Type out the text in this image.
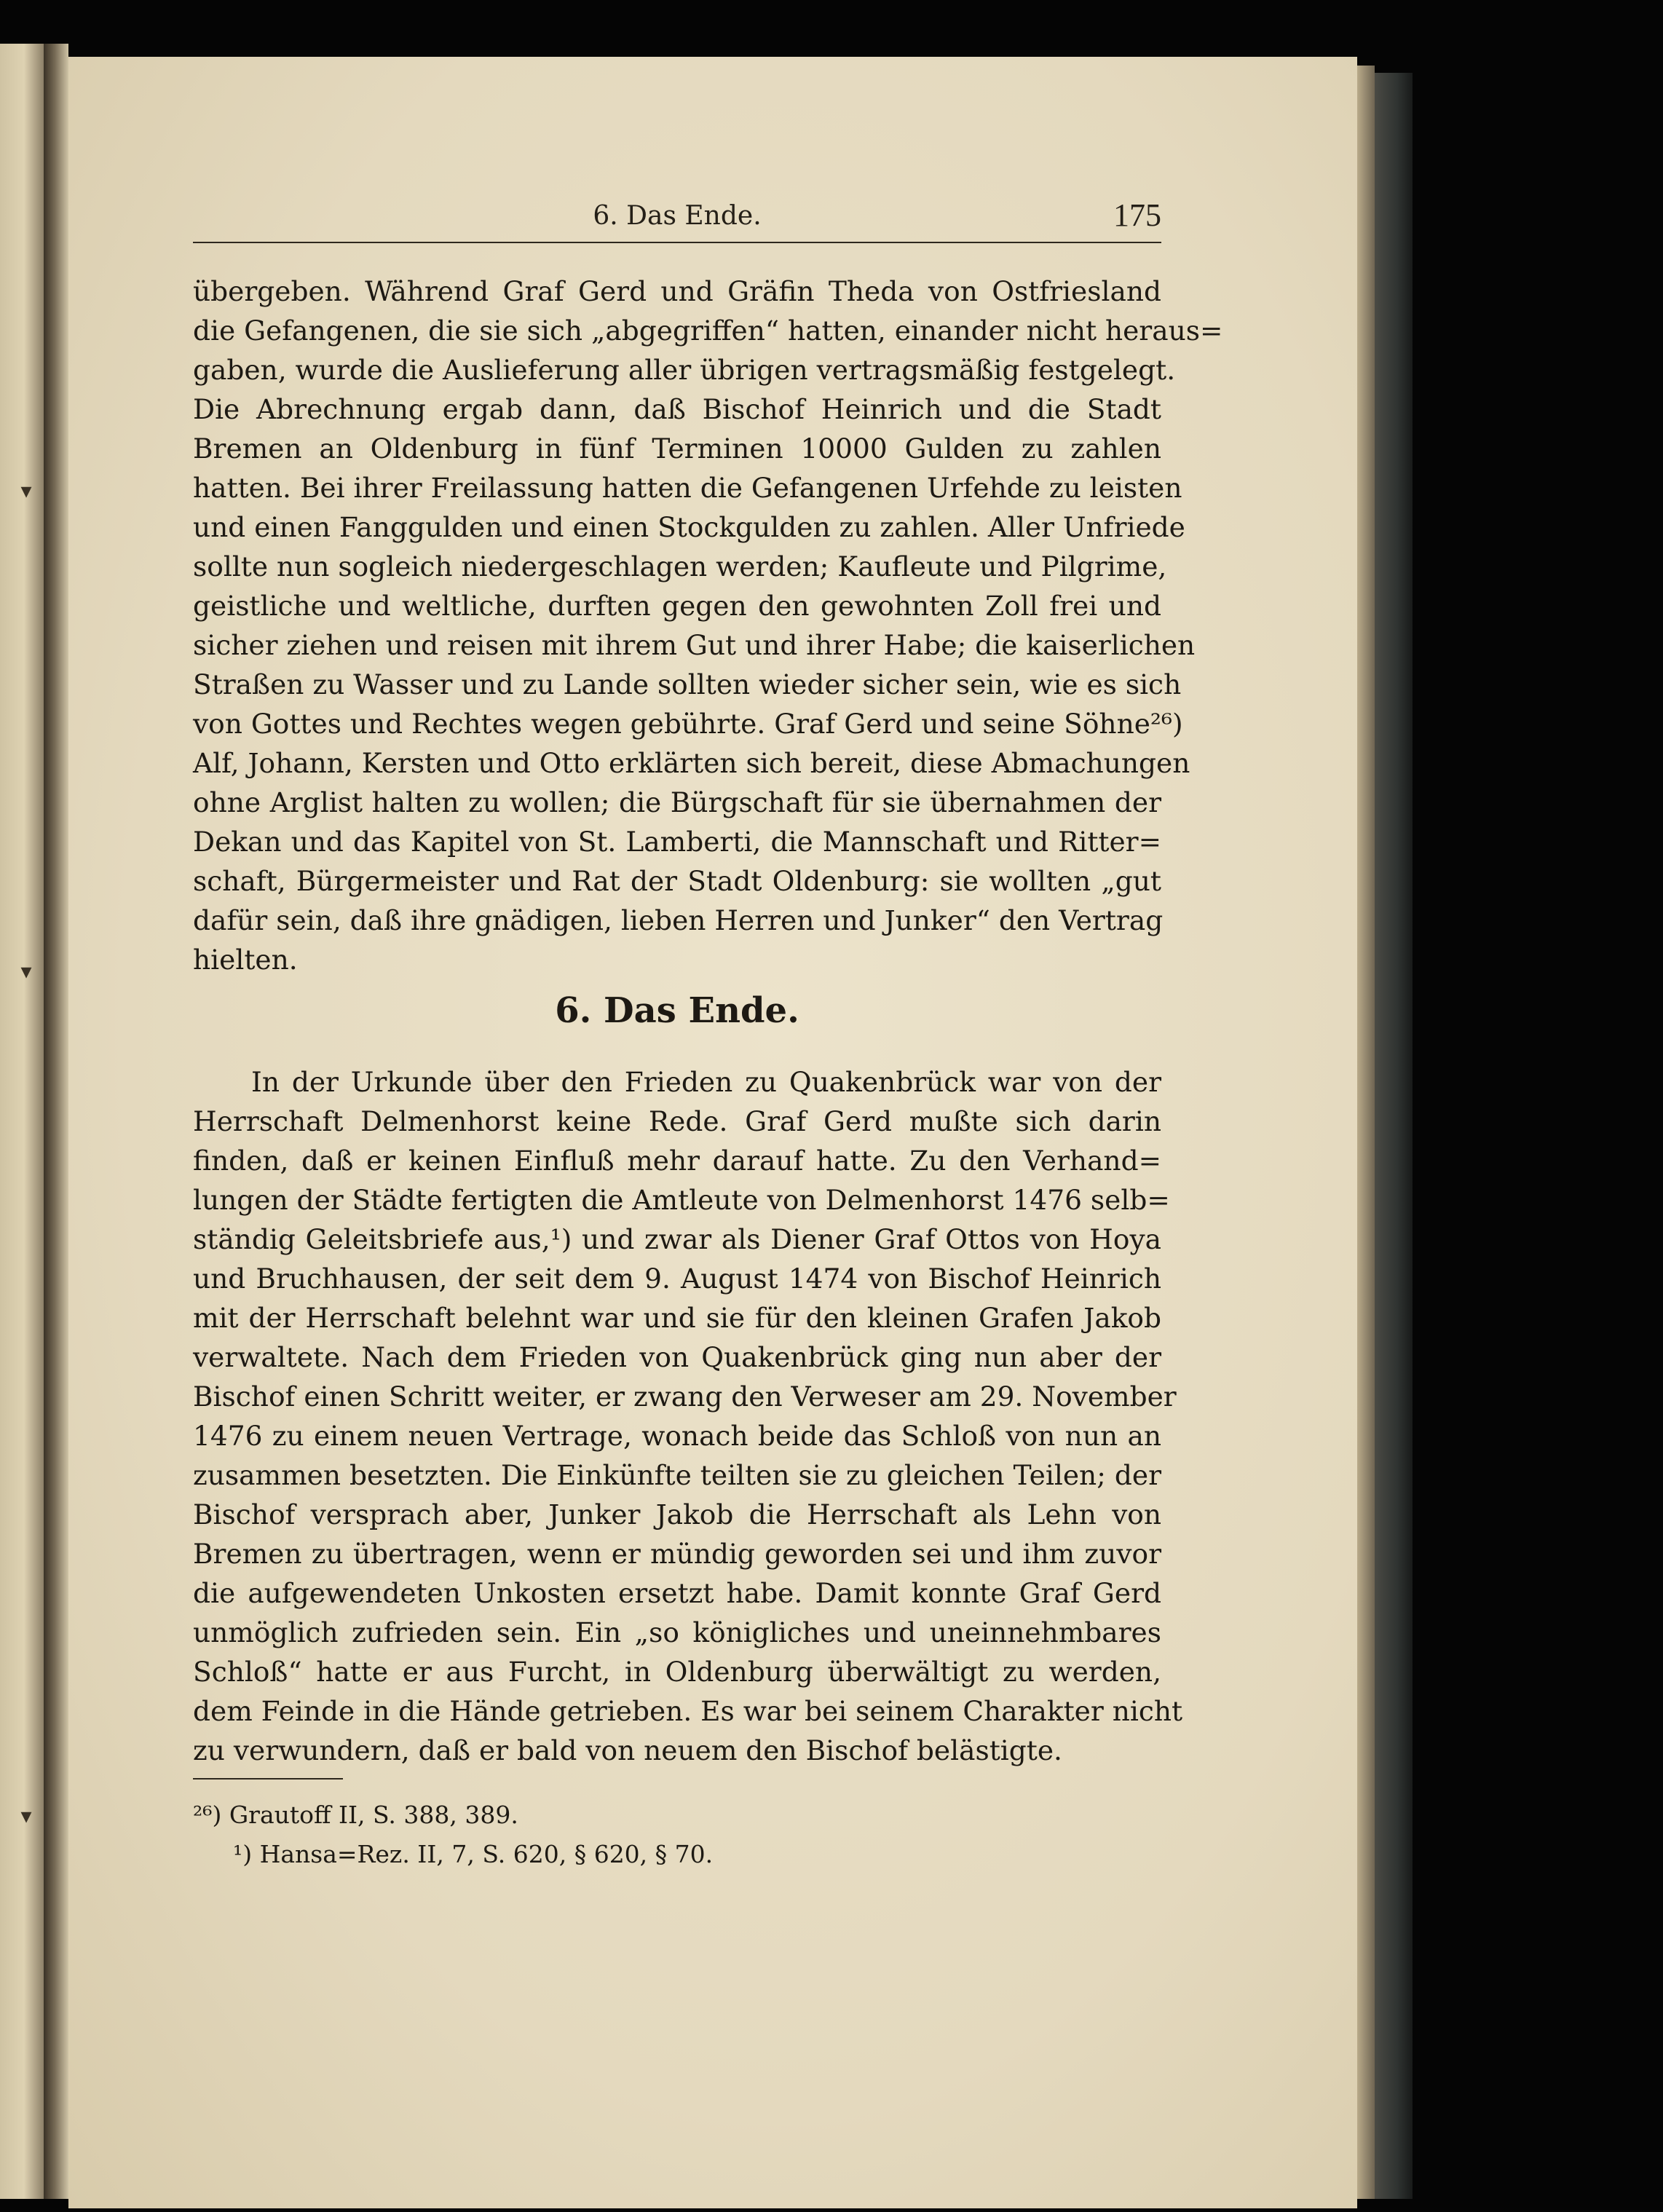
▾
▾
▾
6. Das Ende.	175
übergeben. Während Graf Gerd und Gräfin Theda von Ostfriesland
die Gefangenen, die sie sich „abgegriffen“ hatten, einander nicht heraus=
gaben, wurde die Auslieferung aller übrigen vertragsmäßig festgelegt.
Die Abrechnung ergab dann, daß Bischof Heinrich und die Stadt
Bremen an Oldenburg in fünf Terminen 10000 Gulden zu zahlen
hatten. Bei ihrer Freilassung hatten die Gefangenen Urfehde zu leisten
und einen Fanggulden und einen Stockgulden zu zahlen. Aller Unfriede
sollte nun sogleich niedergeschlagen werden; Kaufleute und Pilgrime,
geistliche und weltliche, durften gegen den gewohnten Zoll frei und
sicher ziehen und reisen mit ihrem Gut und ihrer Habe; die kaiserlichen
Straßen zu Wasser und zu Lande sollten wieder sicher sein, wie es sich
von Gottes und Rechtes wegen gebührte. Graf Gerd und seine Söhne²⁶)
Alf, Johann, Kersten und Otto erklärten sich bereit, diese Abmachungen
ohne Arglist halten zu wollen; die Bürgschaft für sie übernahmen der
Dekan und das Kapitel von St. Lamberti, die Mannschaft und Ritter=
schaft, Bürgermeister und Rat der Stadt Oldenburg: sie wollten „gut
dafür sein, daß ihre gnädigen, lieben Herren und Junker“ den Vertrag
hielten.
6. Das Ende.
In der Urkunde über den Frieden zu Quakenbrück war von der
Herrschaft Delmenhorst keine Rede. Graf Gerd mußte sich darin
finden, daß er keinen Einfluß mehr darauf hatte. Zu den Verhand=
lungen der Städte fertigten die Amtleute von Delmenhorst 1476 selb=
ständig Geleitsbriefe aus,¹) und zwar als Diener Graf Ottos von Hoya
und Bruchhausen, der seit dem 9. August 1474 von Bischof Heinrich
mit der Herrschaft belehnt war und sie für den kleinen Grafen Jakob
verwaltete. Nach dem Frieden von Quakenbrück ging nun aber der
Bischof einen Schritt weiter, er zwang den Verweser am 29. November
1476 zu einem neuen Vertrage, wonach beide das Schloß von nun an
zusammen besetzten. Die Einkünfte teilten sie zu gleichen Teilen; der
Bischof versprach aber, Junker Jakob die Herrschaft als Lehn von
Bremen zu übertragen, wenn er mündig geworden sei und ihm zuvor
die aufgewendeten Unkosten ersetzt habe. Damit konnte Graf Gerd
unmöglich zufrieden sein. Ein „so königliches und uneinnehmbares
Schloß“ hatte er aus Furcht, in Oldenburg überwältigt zu werden,
dem Feinde in die Hände getrieben. Es war bei seinem Charakter nicht
zu verwundern, daß er bald von neuem den Bischof belästigte.
²⁶) Grautoff II, S. 388, 389.
¹) Hansa=Rez. II, 7, S. 620, § 620, § 70.
